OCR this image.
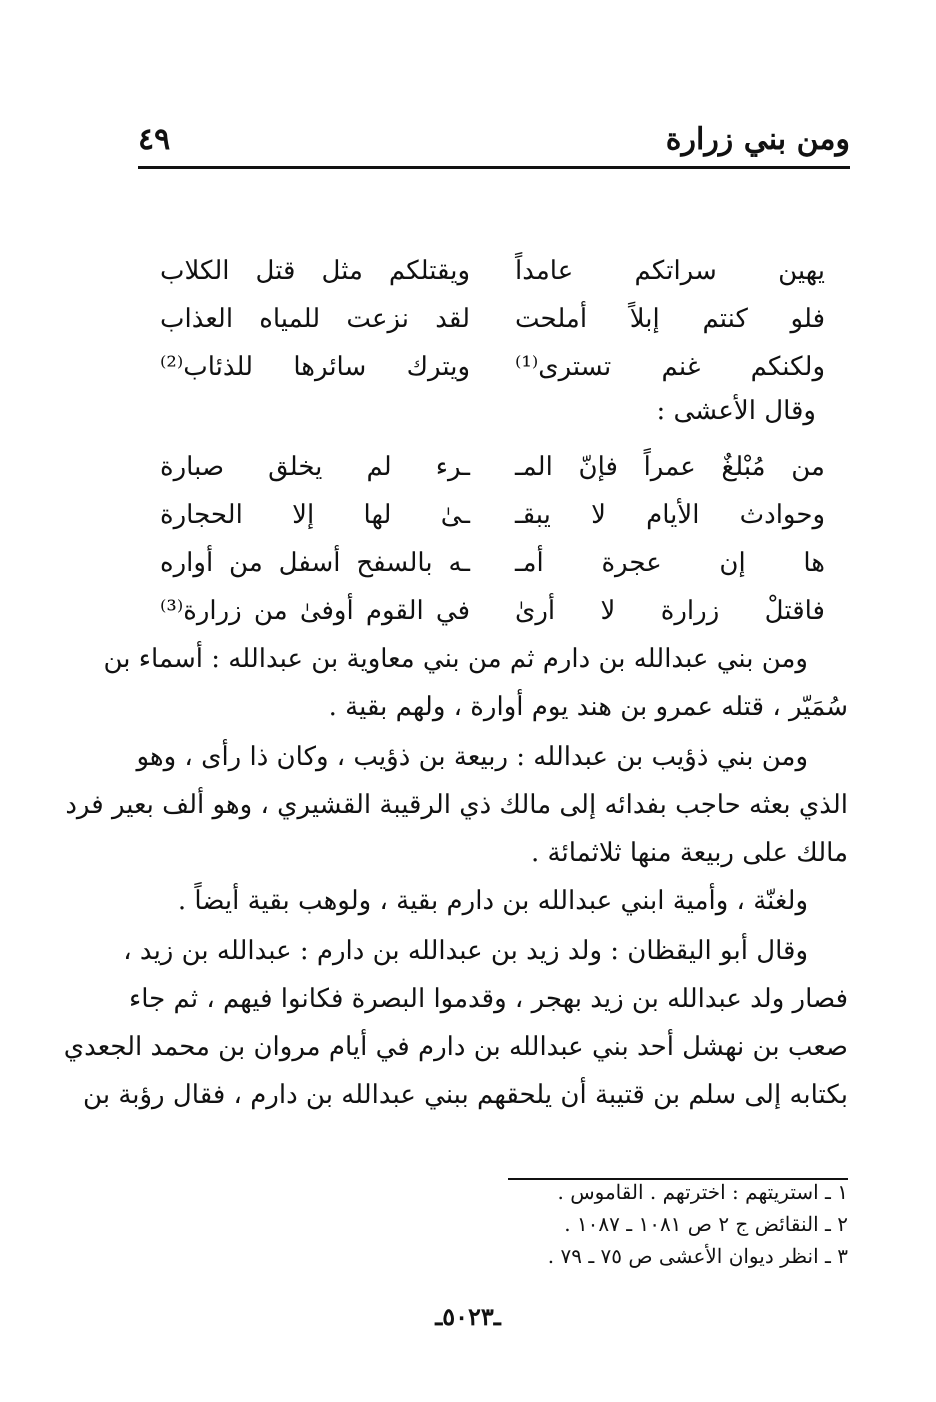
ومن بني زرارة
٤٩
يهين سراتكم عامداً
ويقتلكم مثل قتل الكلاب
فلو كنتم إبلاً أملحت
لقد نزعت للمياه العذاب
ولكنكم غنم تسترى⁽¹⁾
ويترك سائرها للذئاب⁽²⁾
وقال الأعشى :
من مُبْلغٌ عمراً فإنّ المـ
ـرء لم يخلق صبارة
وحوادث الأيام لا يبقـ
ـىٰ لها إلا الحجارة
ها إن عجرة أمـ
ـه بالسفح أسفل من أواره
فاقتلْ زرارة لا أرىٰ
في القوم أوفىٰ من زرارة⁽³⁾
ومن بني عبدالله بن دارم ثم من بني معاوية بن عبدالله : أسماء بن
سُمَيّر ، قتله عمرو بن هند يوم أوارة ، ولهم بقية .
ومن بني ذؤيب بن عبدالله : ربيعة بن ذؤيب ، وكان ذا رأى ، وهو
الذي بعثه حاجب بفدائه إلى مالك ذي الرقيبة القشيري ، وهو ألف بعير فرد
مالك على ربيعة منها ثلاثمائة .
ولغنّة ، وأمية ابني عبدالله بن دارم بقية ، ولوهب بقية أيضاً .
وقال أبو اليقظان : ولد زيد بن عبدالله بن دارم : عبدالله بن زيد ،
فصار ولد عبدالله بن زيد بهجر ، وقدموا البصرة فكانوا فيهم ، ثم جاء
صعب بن نهشل أحد بني عبدالله بن دارم في أيام مروان بن محمد الجعدي
بكتابه إلى سلم بن قتيبة أن يلحقهم ببني عبدالله بن دارم ، فقال رؤبة بن
١ ـ استريتهم : اخترتهم . القاموس .
٢ ـ النقائض ج ٢ ص ١٠٨١ ـ ١٠٨٧ .
٣ ـ انظر ديوان الأعشى ص ٧٥ ـ ٧٩ .
ـ٥٠٢٣ـ
